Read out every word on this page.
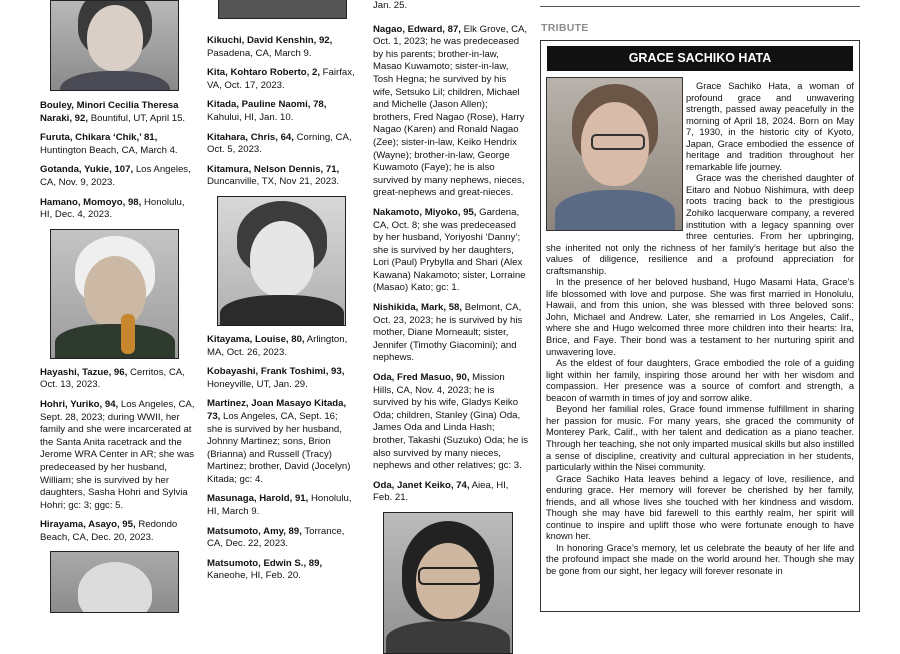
Bouley, Minori Cecilia Theresa Naraki, 92, Bountiful, UT, April 15.
Furuta, Chikara ‘Chik,’ 81, Huntington Beach, CA, March 4.
Gotanda, Yukie, 107, Los Angeles, CA, Nov. 9, 2023.
Hamano, Momoyo, 98, Honolulu, HI, Dec. 4, 2023.
Hayashi, Tazue, 96, Cerritos, CA, Oct. 13, 2023.
Hohri, Yuriko, 94, Los Angeles, CA, Sept. 28, 2023; during WWII, her family and she were incarcerated at the Santa Anita racetrack and the Jerome WRA Center in AR; she was predeceased by her husband, William; she is survived by her daughters, Sasha Hohri and Sylvia Hohri; gc: 3; ggc: 5.
Hirayama, Asayo, 95, Redondo Beach, CA, Dec. 20, 2023.
Kikuchi, David Kenshin, 92, Pasadena, CA, March 9.
Kita, Kohtaro Roberto, 2, Fairfax, VA, Oct. 17, 2023.
Kitada, Pauline Naomi, 78, Kahului, HI, Jan. 10.
Kitahara, Chris, 64, Corning, CA, Oct. 5, 2023.
Kitamura, Nelson Dennis, 71, Duncanville, TX, Nov 21, 2023.
Kitayama, Louise, 80, Arlington, MA, Oct. 26, 2023.
Kobayashi, Frank Toshimi, 93, Honeyville, UT, Jan. 29.
Martinez, Joan Masayo Kitada, 73, Los Angeles, CA, Sept. 16; she is survived by her husband, Johnny Martinez; sons, Brion (Brianna) and Russell (Tracy) Martinez; brother, David (Jocelyn) Kitada; gc: 4.
Masunaga, Harold, 91, Honolulu, HI, March 9.
Matsumoto, Amy, 89, Torrance, CA, Dec. 22, 2023.
Matsumoto, Edwin S., 89, Kaneohe, HI, Feb. 20.
Jan. 25.
Nagao, Edward, 87, Elk Grove, CA, Oct. 1, 2023; he was predeceased by his parents; brother-in-law, Masao Kuwamoto; sister-in-law, Tosh Hegna; he survived by his wife, Setsuko Lil; children, Michael and Michelle (Jason Allen); brothers, Fred Nagao (Rose), Harry Nagao (Karen) and Ronald Nagao (Zee); sister-in-law, Keiko Hendrix (Wayne); brother-in-law, George Kuwamoto (Faye); he is also survived by many nephews, nieces, great-nephews and great-nieces.
Nakamoto, Miyoko, 95, Gardena, CA, Oct. 8; she was predeceased by her husband, Yoriyoshi ‘Danny’; she is survived by her daughters, Lori (Paul) Prybylla and Shari (Alex Kawana) Nakamoto; sister, Lorraine (Masao) Kato; gc: 1.
Nishikida, Mark, 58, Belmont, CA, Oct. 23, 2023; he is survived by his mother, Diane Morneault; sister, Jennifer (Timothy Giacomini); and nephews.
Oda, Fred Masuo, 90, Mission Hills, CA, Nov. 4, 2023; he is survived by his wife, Gladys Keiko Oda; children, Stanley (Gina) Oda, James Oda and Linda Hash; brother, Takashi (Suzuko) Oda; he is also survived by many nieces, nephews and other relatives; gc: 3.
Oda, Janet Keiko, 74, Aiea, HI, Feb. 21.
TRIBUTE
GRACE SACHIKO HATA

Grace Sachiko Hata, a woman of profound grace and unwavering strength, passed away peacefully in the morning of April 18, 2024. Born on May 7, 1930, in the historic city of Kyoto, Japan, Grace embodied the essence of heritage and tradition throughout her remarkable life journey.

Grace was the cherished daughter of Eitaro and Nobuo Nishimura, with deep roots tracing back to the prestigious Zohiko lacquerware company, a revered institution with a legacy spanning over three centuries. From her upbringing, she inherited not only the richness of her family’s heritage but also the values of diligence, resilience and a profound appreciation for craftsmanship.

In the presence of her beloved husband, Hugo Masami Hata, Grace’s life blossomed with love and purpose. She was first married in Honolulu, Hawaii, and from this union, she was blessed with three beloved sons: John, Michael and Andrew. Later, she remarried in Los Angeles, Calif., where she and Hugo welcomed three more children into their hearts: Ira, Brice, and Faye. Their bond was a testament to her nurturing spirit and unwavering love.

As the eldest of four daughters, Grace embodied the role of a guiding light within her family, inspiring those around her with her wisdom and compassion. Her presence was a source of comfort and strength, a beacon of warmth in times of joy and sorrow alike.

Beyond her familial roles, Grace found immense fulfillment in sharing her passion for music. For many years, she graced the community of Monterey Park, Calif., with her talent and dedication as a piano teacher. Through her teaching, she not only imparted musical skills but also instilled a sense of discipline, creativity and cultural appreciation in her students, particularly within the Nisei community.

Grace Sachiko Hata leaves behind a legacy of love, resilience, and enduring grace. Her memory will forever be cherished by her family, friends, and all whose lives she touched with her kindness and wisdom. Though she may have bid farewell to this earthly realm, her spirit will continue to inspire and uplift those who were fortunate enough to have known her.

In honoring Grace’s memory, let us celebrate the beauty of her life and the profound impact she made on the world around her. Though she may be gone from our sight, her legacy will forever resonate in
